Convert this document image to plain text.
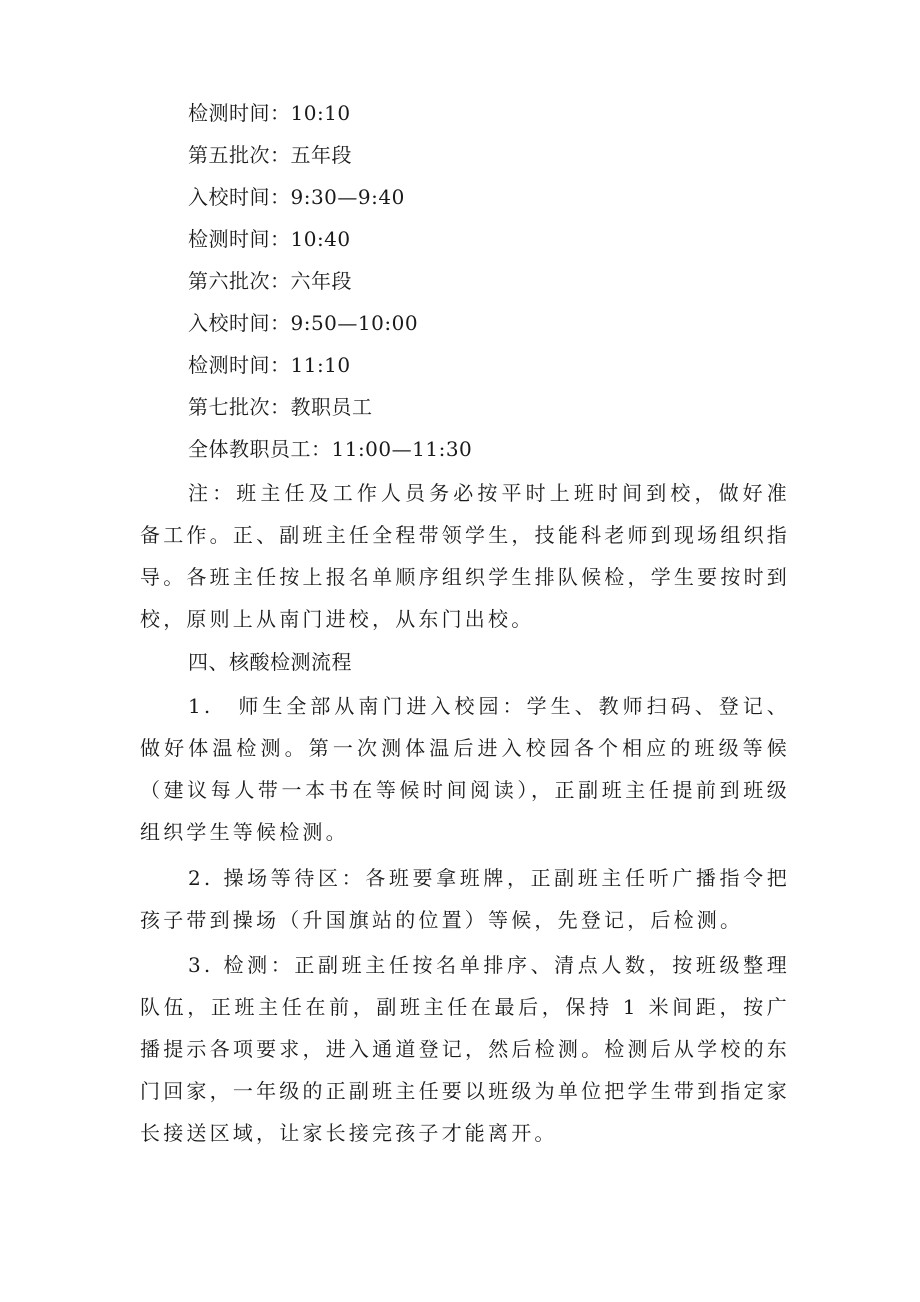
检测时间：10:10
第五批次：五年段
入校时间：9:30—9:40
检测时间：10:40
第六批次：六年段
入校时间：9:50—10:00
检测时间：11:10
第七批次：教职员工
全体教职员工：11:00—11:30
注：班主任及工作人员务必按平时上班时间到校，做好准备工作。正、副班主任全程带领学生，技能科老师到现场组织指导。各班主任按上报名单顺序组织学生排队候检，学生要按时到校，原则上从南门进校，从东门出校。
四、核酸检测流程
1.　师生全部从南门进入校园：学生、教师扫码、登记、做好体温检测。第一次测体温后进入校园各个相应的班级等候（建议每人带一本书在等候时间阅读），正副班主任提前到班级组织学生等候检测。
2. 操场等待区：各班要拿班牌，正副班主任听广播指令把孩子带到操场（升国旗站的位置）等候，先登记，后检测。
3. 检测：正副班主任按名单排序、清点人数，按班级整理队伍，正班主任在前，副班主任在最后，保持 1 米间距，按广播提示各项要求，进入通道登记，然后检测。检测后从学校的东门回家，一年级的正副班主任要以班级为单位把学生带到指定家长接送区域，让家长接完孩子才能离开。
